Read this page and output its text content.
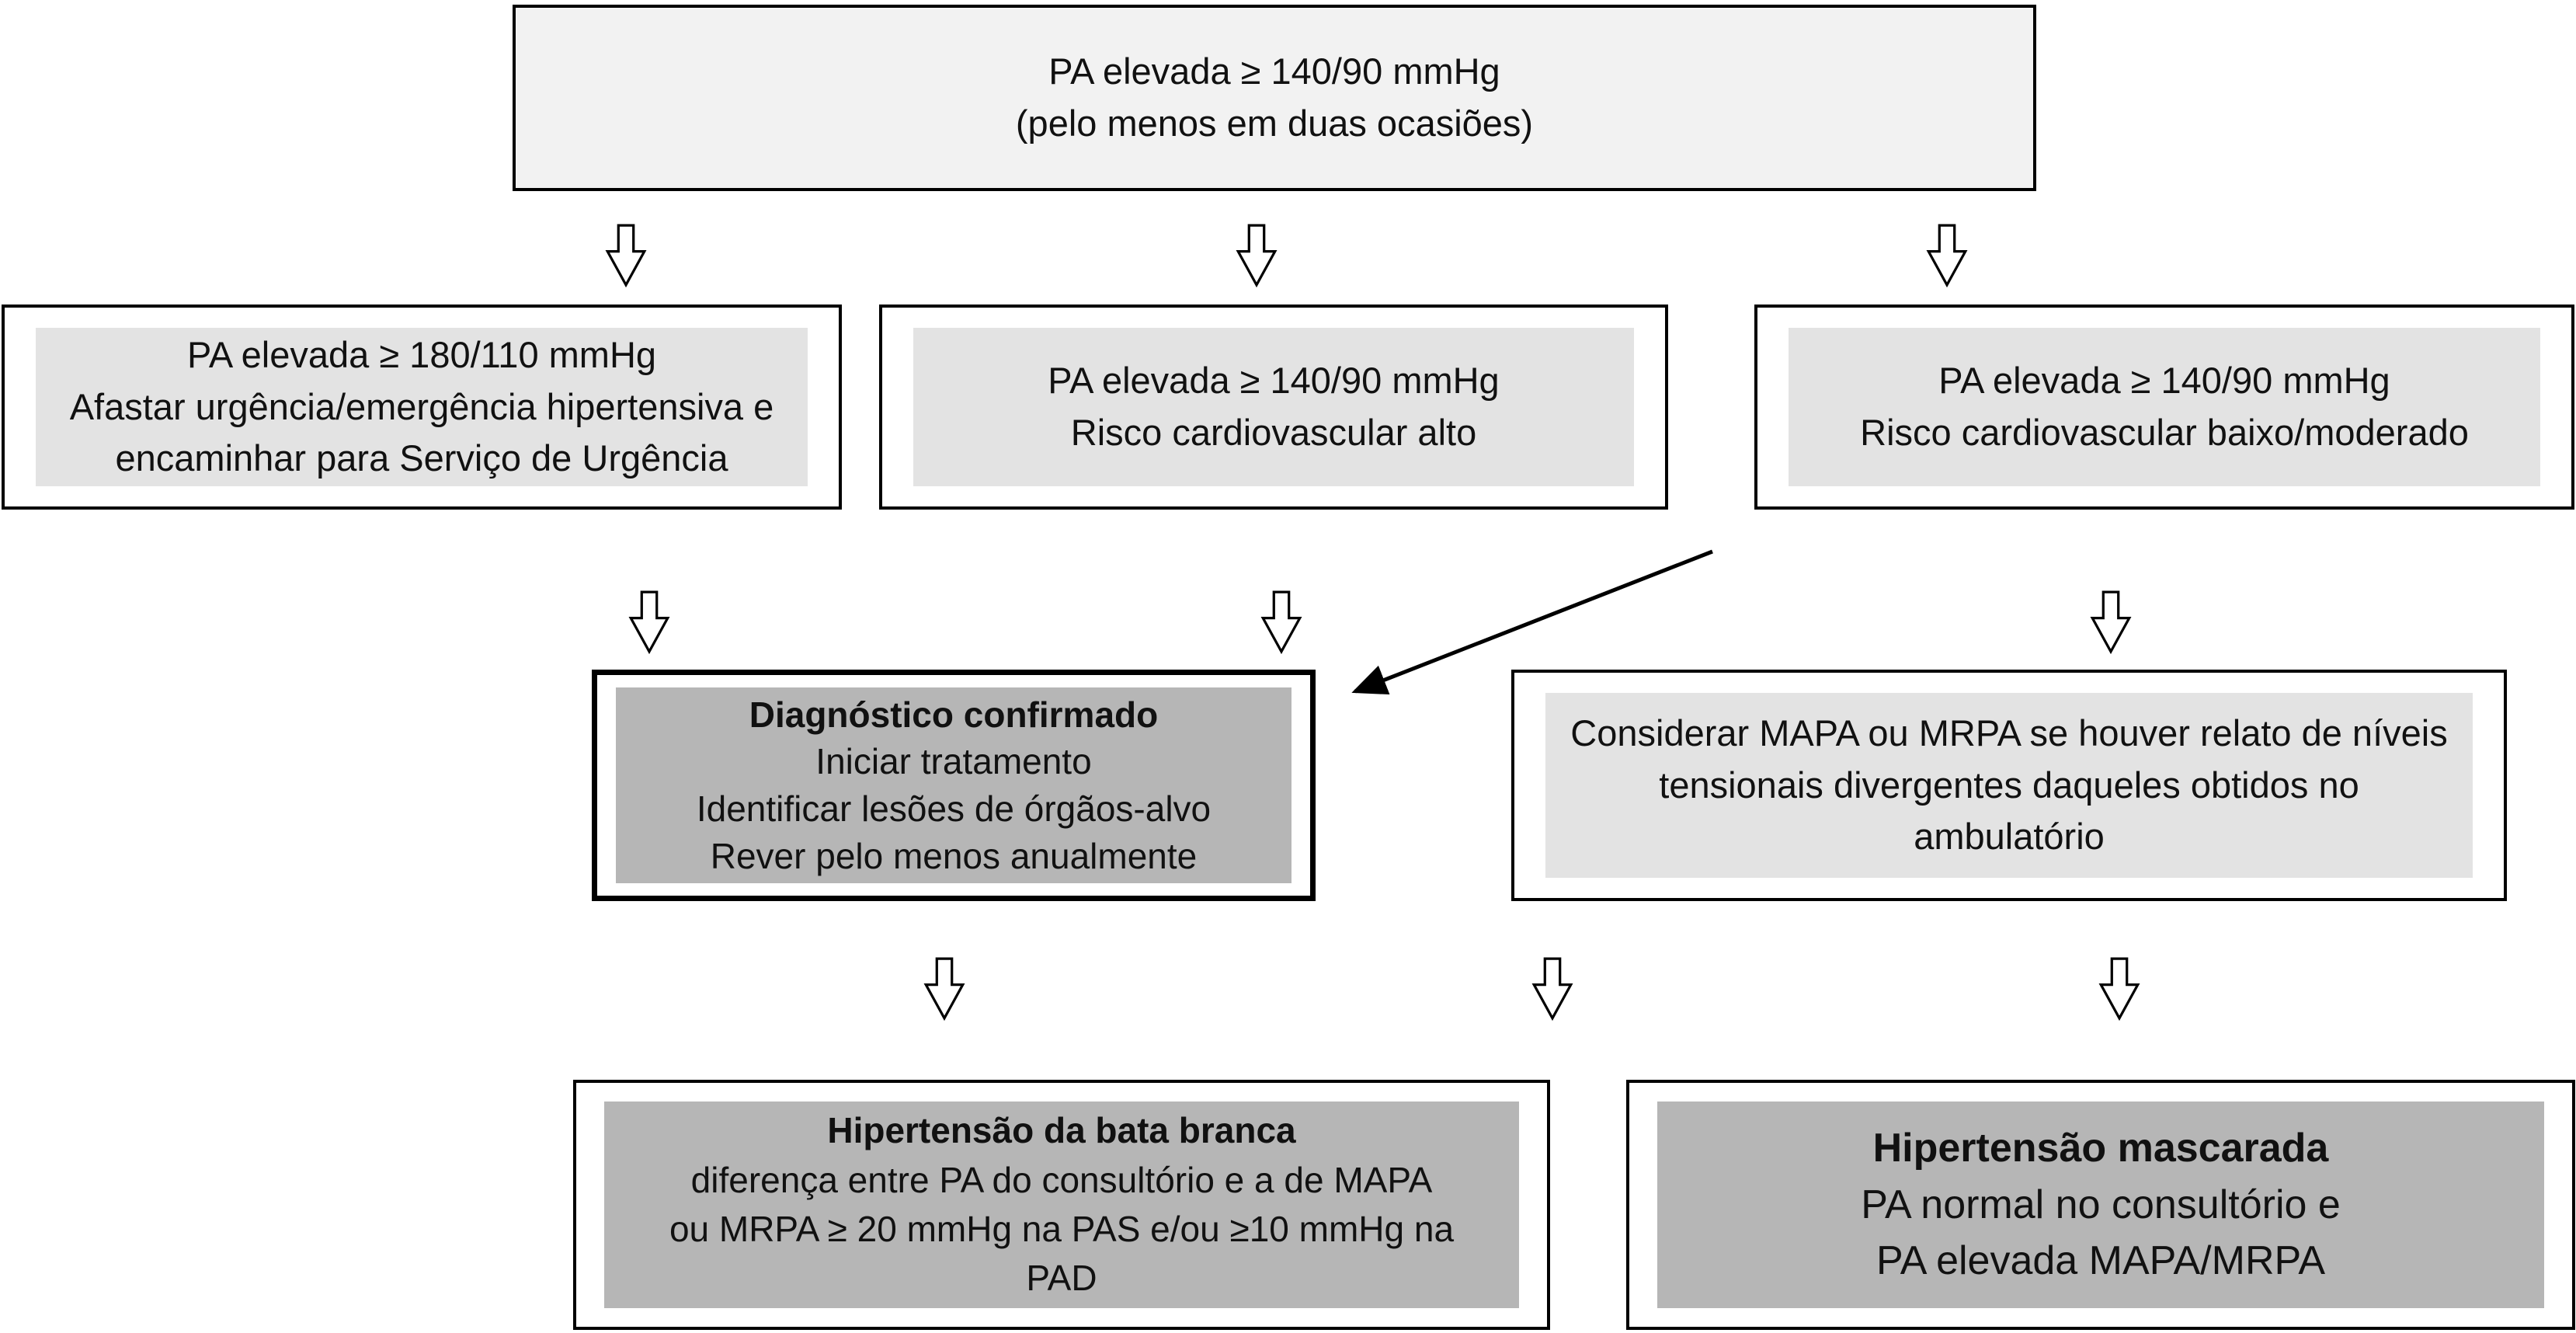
PA elevada ≥ 140/90 mmHg
(pelo menos em duas ocasiões)
PA elevada ≥ 180/110 mmHg
Afastar urgência/emergência hipertensiva e
encaminhar para Serviço de Urgência
PA elevada ≥ 140/90 mmHg
Risco cardiovascular alto
PA elevada ≥ 140/90 mmHg
Risco cardiovascular baixo/moderado
Diagnóstico confirmado
Iniciar tratamento
Identificar lesões de órgãos-alvo
Rever pelo menos anualmente
Considerar MAPA ou MRPA se houver relato de níveis
tensionais divergentes daqueles obtidos no
ambulatório
Hipertensão da bata branca
diferença entre PA do consultório e a de MAPA
ou MRPA ≥ 20 mmHg na PAS e/ou ≥10 mmHg na
PAD
Hipertensão mascarada
PA normal no consultório e
PA elevada MAPA/MRPA
